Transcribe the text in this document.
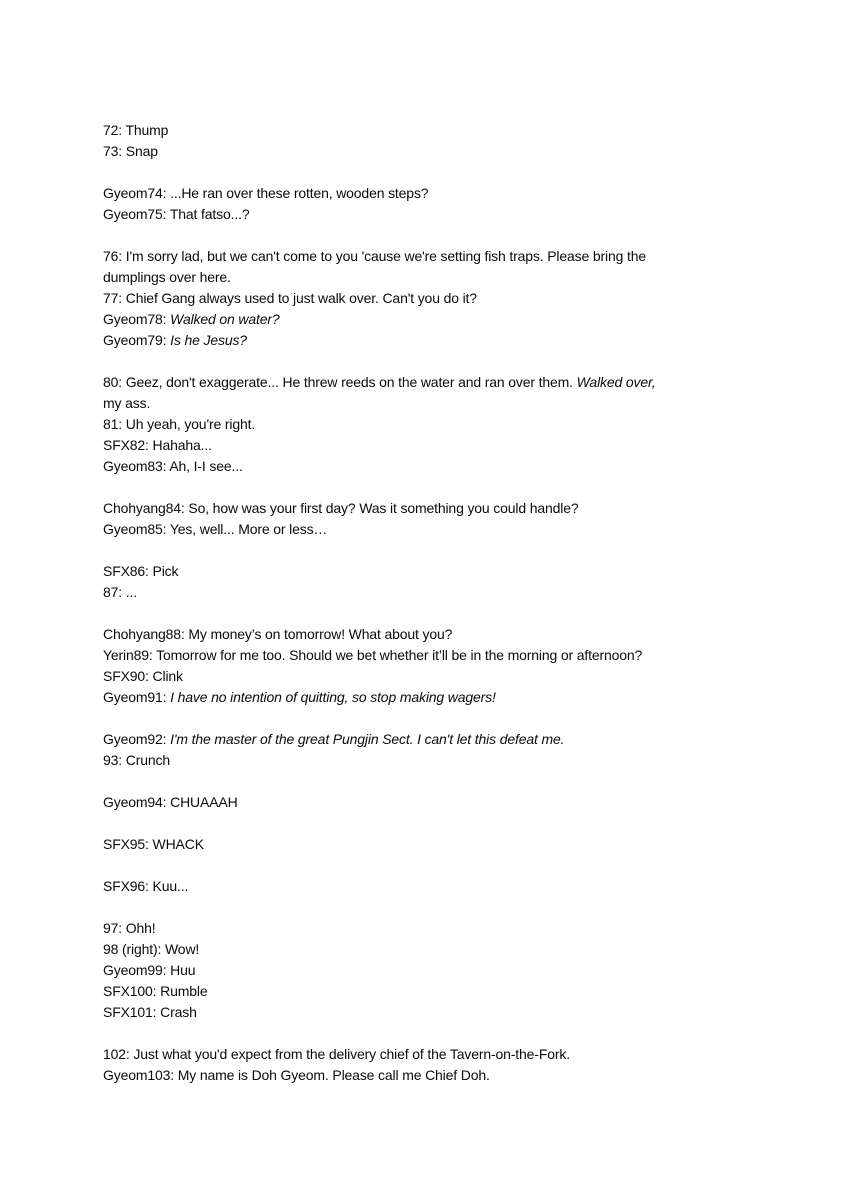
72: Thump
73: Snap
Gyeom74: ...He ran over these rotten, wooden steps?
Gyeom75: That fatso...?
76: I'm sorry lad, but we can't come to you 'cause we're setting fish traps. Please bring the
dumplings over here.
77: Chief Gang always used to just walk over. Can't you do it?
Gyeom78: Walked on water?
Gyeom79: Is he Jesus?
80: Geez, don't exaggerate... He threw reeds on the water and ran over them. Walked over,
my ass.
81: Uh yeah, you're right.
SFX82: Hahaha...
Gyeom83: Ah, I-I see...
Chohyang84: So, how was your first day? Was it something you could handle?
Gyeom85: Yes, well... More or less…
SFX86: Pick
87: ...
Chohyang88: My money’s on tomorrow! What about you?
Yerin89: Tomorrow for me too. Should we bet whether it’ll be in the morning or afternoon?
SFX90: Clink
Gyeom91: I have no intention of quitting, so stop making wagers!
Gyeom92: I'm the master of the great Pungjin Sect. I can't let this defeat me.
93: Crunch
Gyeom94: CHUAAAH
SFX95: WHACK
SFX96: Kuu...
97: Ohh!
98 (right): Wow!
Gyeom99: Huu
SFX100: Rumble
SFX101: Crash
102: Just what you'd expect from the delivery chief of the Tavern-on-the-Fork.
Gyeom103: My name is Doh Gyeom. Please call me Chief Doh.
